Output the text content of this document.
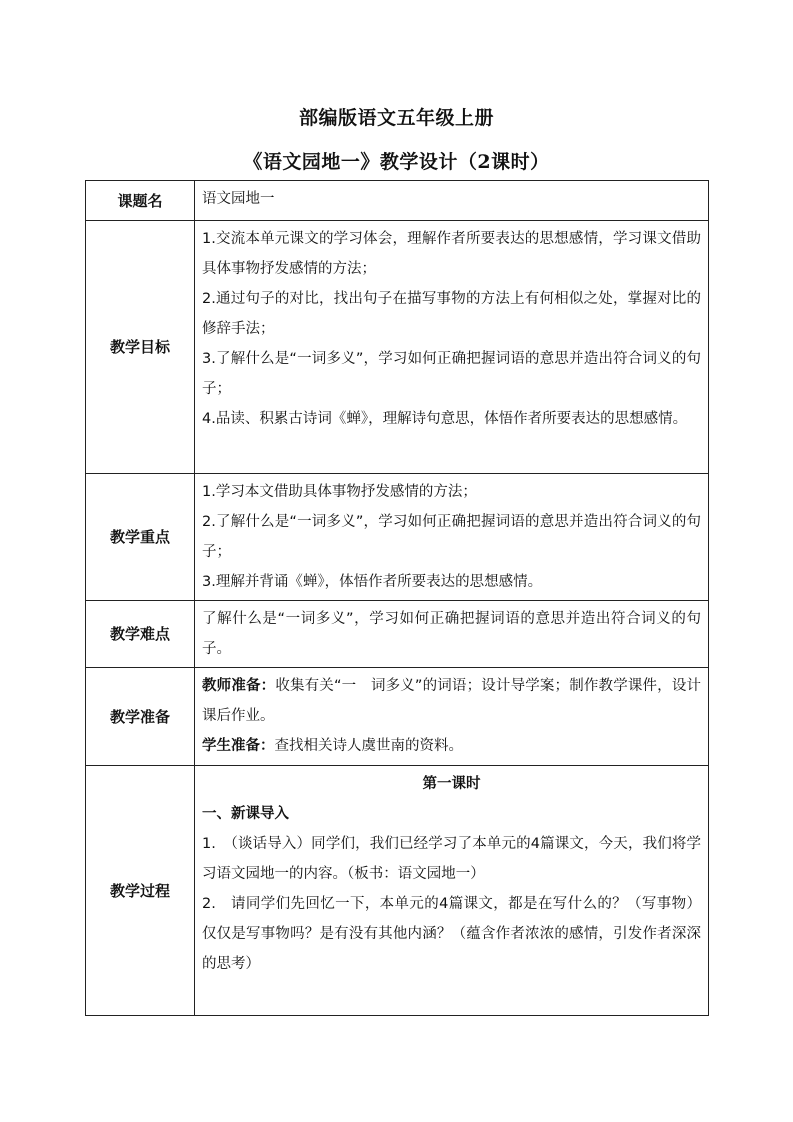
部编版语文五年级上册
《语文园地一》教学设计（2课时）
课题名	语文园地一
教学目标	1.交流本单元课文的学习体会，理解作者所要表达的思想感情，学习课文借助具体事物抒发感情的方法；

2.通过句子的对比，找出句子在描写事物的方法上有何相似之处，掌握对比的修辞手法；

3.了解什么是“一词多义”，学习如何正确把握词语的意思并造出符合词义的句子；

4.品读、积累古诗词《蝉》，理解诗句意思，体悟作者所要表达的思想感情。

教学重点	1.学习本文借助具体事物抒发感情的方法；

2.了解什么是“一词多义”，学习如何正确把握词语的意思并造出符合词义的句子；

3.理解并背诵《蝉》，体悟作者所要表达的思想感情。

教学难点	了解什么是“一词多义”，学习如何正确把握词语的意思并造出符合词义的句子。

教学准备	教师准备：收集有关“一　词多义”的词语；设计导学案；制作教学课件，设计课后作业。

学生准备：查找相关诗人虞世南的资料。

教学过程	第一课时

一、新课导入

1.　（谈话导入）同学们，我们已经学习了本单元的4篇课文，今天，我们将学习语文园地一的内容。（板书：语文园地一）

2.　请同学们先回忆一下，本单元的4篇课文，都是在写什么的？（写事物）仅仅是写事物吗？是有没有其他内涵？（蕴含作者浓浓的感情，引发作者深深的思考）
